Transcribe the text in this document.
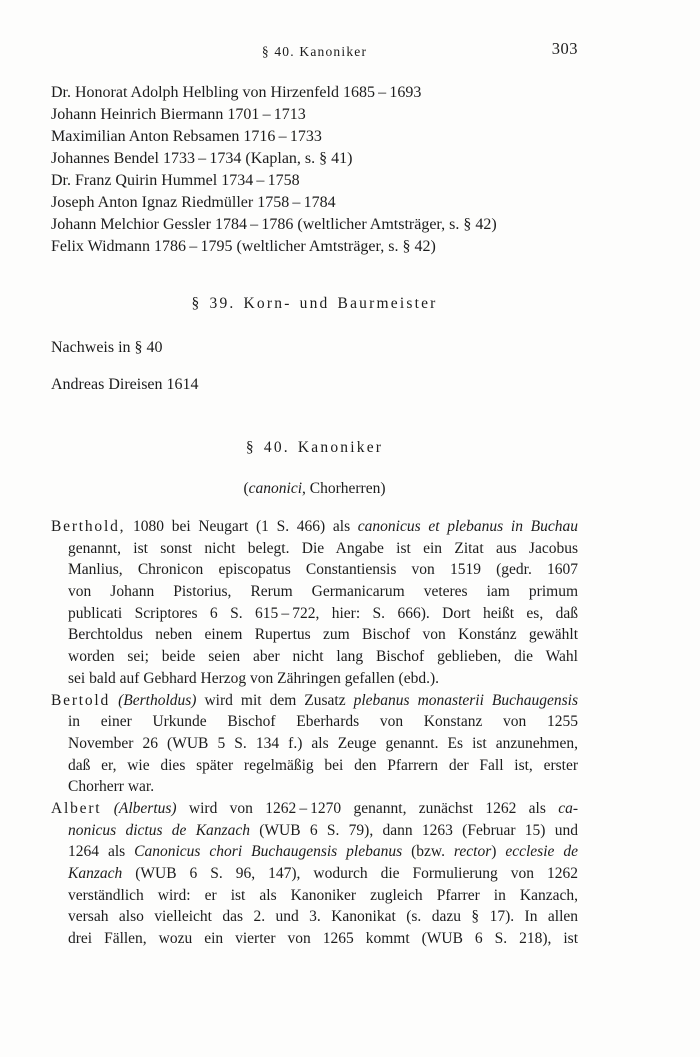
§ 40. Kanoniker	303
Dr. Honorat Adolph Helbling von Hirzenfeld 1685 – 1693
Johann Heinrich Biermann 1701 – 1713
Maximilian Anton Rebsamen 1716 – 1733
Johannes Bendel 1733 – 1734 (Kaplan, s. § 41)
Dr. Franz Quirin Hummel 1734 – 1758
Joseph Anton Ignaz Riedmüller 1758 – 1784
Johann Melchior Gessler 1784 – 1786 (weltlicher Amtsträger, s. § 42)
Felix Widmann 1786 – 1795 (weltlicher Amtsträger, s. § 42)
§ 39. Korn- und Baurmeister
Nachweis in § 40
Andreas Direisen 1614
§ 40. Kanoniker
(canonici, Chorherren)
Berthold, 1080 bei Neugart (1 S. 466) als canonicus et plebanus in Buchau
genannt, ist sonst nicht belegt. Die Angabe ist ein Zitat aus Jacobus
Manlius, Chronicon episcopatus Constantiensis von 1519 (gedr. 1607
von Johann Pistorius, Rerum Germanicarum veteres iam primum
publicati Scriptores 6 S. 615 – 722, hier: S. 666). Dort heißt es, daß
Berchtoldus neben einem Rupertus zum Bischof von Konstánz gewählt
worden sei; beide seien aber nicht lang Bischof geblieben, die Wahl
sei bald auf Gebhard Herzog von Zähringen gefallen (ebd.).
Bertold (Bertholdus) wird mit dem Zusatz plebanus monasterii Buchaugensis
in einer Urkunde Bischof Eberhards von Konstanz von 1255
November 26 (WUB 5 S. 134 f.) als Zeuge genannt. Es ist anzunehmen,
daß er, wie dies später regelmäßig bei den Pfarrern der Fall ist, erster
Chorherr war.
Albert (Albertus) wird von 1262 – 1270 genannt, zunächst 1262 als ca-
nonicus dictus de Kanzach (WUB 6 S. 79), dann 1263 (Februar 15) und
1264 als Canonicus chori Buchaugensis plebanus (bzw. rector) ecclesie de
Kanzach (WUB 6 S. 96, 147), wodurch die Formulierung von 1262
verständlich wird: er ist als Kanoniker zugleich Pfarrer in Kanzach,
versah also vielleicht das 2. und 3. Kanonikat (s. dazu § 17). In allen
drei Fällen, wozu ein vierter von 1265 kommt (WUB 6 S. 218), ist
